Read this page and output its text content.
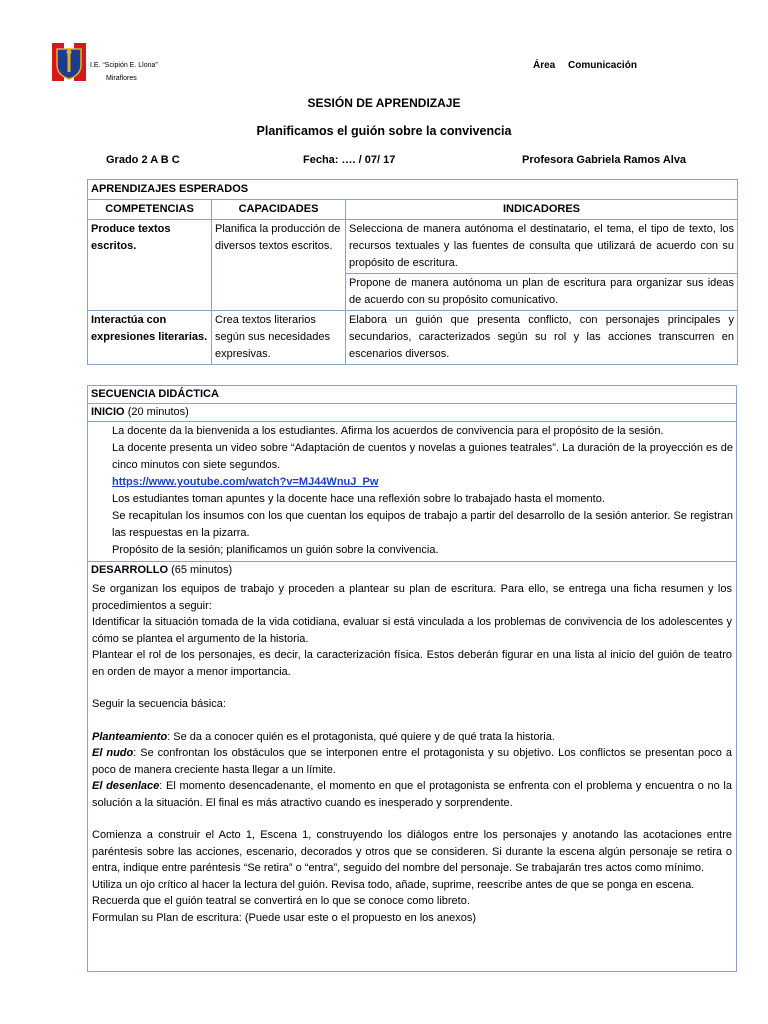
I.E. “Scipión E. Llona”
Miraflores
Área Comunicación
SESIÓN DE APRENDIZAJE
Planificamos el guión sobre la convivencia
Grado 2 A B C	Fecha: …. / 07/ 17	Profesora Gabriela Ramos Alva
APRENDIZAJES ESPERADOS		
COMPETENCIAS	CAPACIDADES	INDICADORES
Produce textos escritos.	Planifica la producción de diversos textos escritos.	Selecciona de manera autónoma el destinatario, el tema, el tipo de texto, los recursos textuales y las fuentes de consulta que utilizará de acuerdo con su propósito de escritura.
		Propone de manera autónoma un plan de escritura para organizar sus ideas de acuerdo con su propósito comunicativo.
Interactúa con expresiones literarias.	Crea textos literarios según sus necesidades expresivas.	Elabora un guión que presenta conflicto, con personajes principales y secundarios, caracterizados según su rol y las acciones transcurren en escenarios diversos.
SECUENCIA DIDÁCTICA
INICIO (20 minutos)

La docente da la bienvenida a los estudiantes. Afirma los acuerdos de convivencia para el propósito de la sesión.

La docente presenta un video sobre “Adaptación de cuentos y novelas a guiones teatrales”. La duración de la proyección es de cinco minutos con siete segundos.

https://www.youtube.com/watch?v=MJ44WnuJ_Pw

Los estudiantes toman apuntes y la docente hace una reflexión sobre lo trabajado hasta el momento.

Se recapitulan los insumos con los que cuentan los equipos de trabajo a partir del desarrollo de la sesión anterior. Se registran las respuestas en la pizarra.

Propósito de la sesión; planificamos un guión sobre la convivencia.

DESARROLLO (65 minutos)

Se organizan los equipos de trabajo y proceden a plantear su plan de escritura. Para ello, se entrega una ficha resumen y los procedimientos a seguir:

Identificar la situación tomada de la vida cotidiana, evaluar si está vinculada a los problemas de convivencia de los adolescentes y cómo se plantea el argumento de la historia.

Plantear el rol de los personajes, es decir, la caracterización física. Estos deberán figurar en una lista al inicio del guión de teatro en orden de mayor a menor importancia.

Seguir la secuencia básica:

Planteamiento: Se da a conocer quién es el protagonista, qué quiere y de qué trata la historia.

El nudo: Se confrontan los obstáculos que se interponen entre el protagonista y su objetivo. Los conflictos se presentan poco a poco de manera creciente hasta llegar a un límite.

El desenlace: El momento desencadenante, el momento en que el protagonista se enfrenta con el problema y encuentra o no la solución a la situación. El final es más atractivo cuando es inesperado y sorprendente.

Comienza a construir el Acto 1, Escena 1, construyendo los diálogos entre los personajes y anotando las acotaciones entre paréntesis sobre las acciones, escenario, decorados y otros que se consideren. Si durante la escena algún personaje se retira o entra, indique entre paréntesis “Se retira” o “entra”, seguido del nombre del personaje. Se trabajarán tres actos como mínimo.

Utiliza un ojo crítico al hacer la lectura del guión. Revisa todo, añade, suprime, reescribe antes de que se ponga en escena.

Recuerda que el guión teatral se convertirá en lo que se conoce como libreto.

Formulan su Plan de escritura: (Puede usar este o el propuesto en los anexos)
